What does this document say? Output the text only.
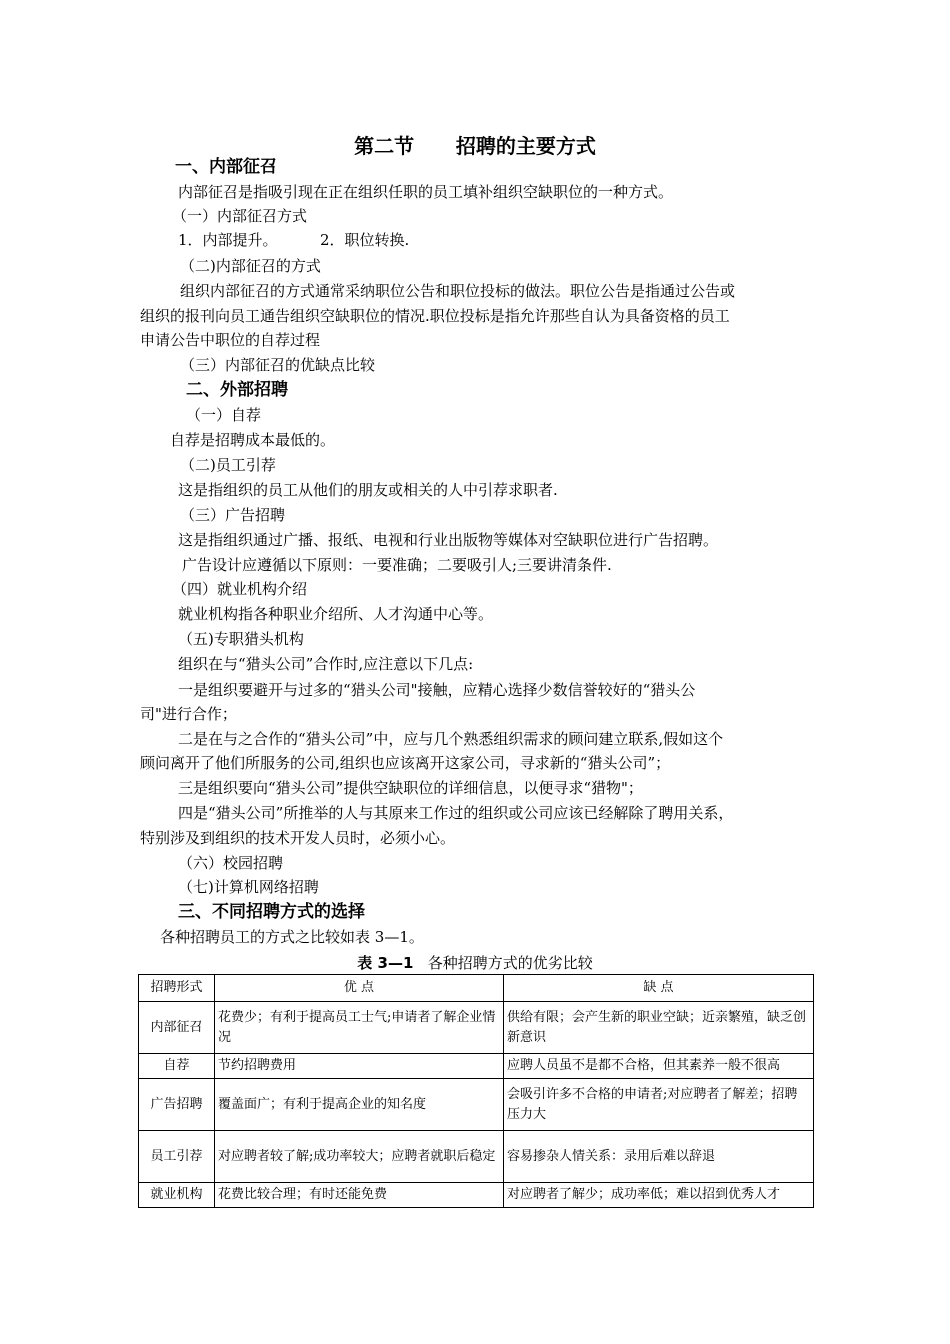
第二节      招聘的主要方式
一、内部征召
内部征召是指吸引现在正在组织任职的员工填补组织空缺职位的一种方式。
（一）内部征召方式
1．内部提升。	2．职位转换.
（二)内部征召的方式
组织内部征召的方式通常采纳职位公告和职位投标的做法。职位公告是指通过公告或
组织的报刊向员工通告组织空缺职位的情况.职位投标是指允许那些自认为具备资格的员工
申请公告中职位的自荐过程
（三）内部征召的优缺点比较
二、外部招聘
（一）自荐
自荐是招聘成本最低的。
（二)员工引荐
这是指组织的员工从他们的朋友或相关的人中引荐求职者.
（三）广告招聘
这是指组织通过广播、报纸、电视和行业出版物等媒体对空缺职位进行广告招聘。
广告设计应遵循以下原则：一要准确；二要吸引人;三要讲清条件.
（四）就业机构介绍
就业机构指各种职业介绍所、人才沟通中心等。
（五)专职猎头机构
组织在与“猎头公司”合作时,应注意以下几点:
一是组织要避开与过多的“猎头公司"接触，应精心选择少数信誉较好的“猎头公
司"进行合作；
二是在与之合作的“猎头公司”中，应与几个熟悉组织需求的顾问建立联系,假如这个
顾问离开了他们所服务的公司,组织也应该离开这家公司，寻求新的“猎头公司”；
三是组织要向“猎头公司”提供空缺职位的详细信息，以便寻求“猎物"；
四是“猎头公司”所推举的人与其原来工作过的组织或公司应该已经解除了聘用关系，
特别涉及到组织的技术开发人员时，必须小心。
（六）校园招聘
（七)计算机网络招聘
三、不同招聘方式的选择
各种招聘员工的方式之比较如表 3—1。
表 3—1   各种招聘方式的优劣比较
招聘形式	优 点	缺 点
内部征召	花费少；有利于提高员工士气;申请者了解企业情况	供给有限；会产生新的职业空缺；近亲繁殖，缺乏创新意识
自荐	节约招聘费用	应聘人员虽不是都不合格，但其素养一般不很高
广告招聘	覆盖面广；有利于提高企业的知名度	会吸引许多不合格的申请者;对应聘者了解差；招聘压力大
员工引荐	对应聘者较了解;成功率较大；应聘者就职后稳定	容易掺杂人情关系：录用后难以辞退
就业机构	花费比较合理；有时还能免费	对应聘者了解少；成功率低；难以招到优秀人才
